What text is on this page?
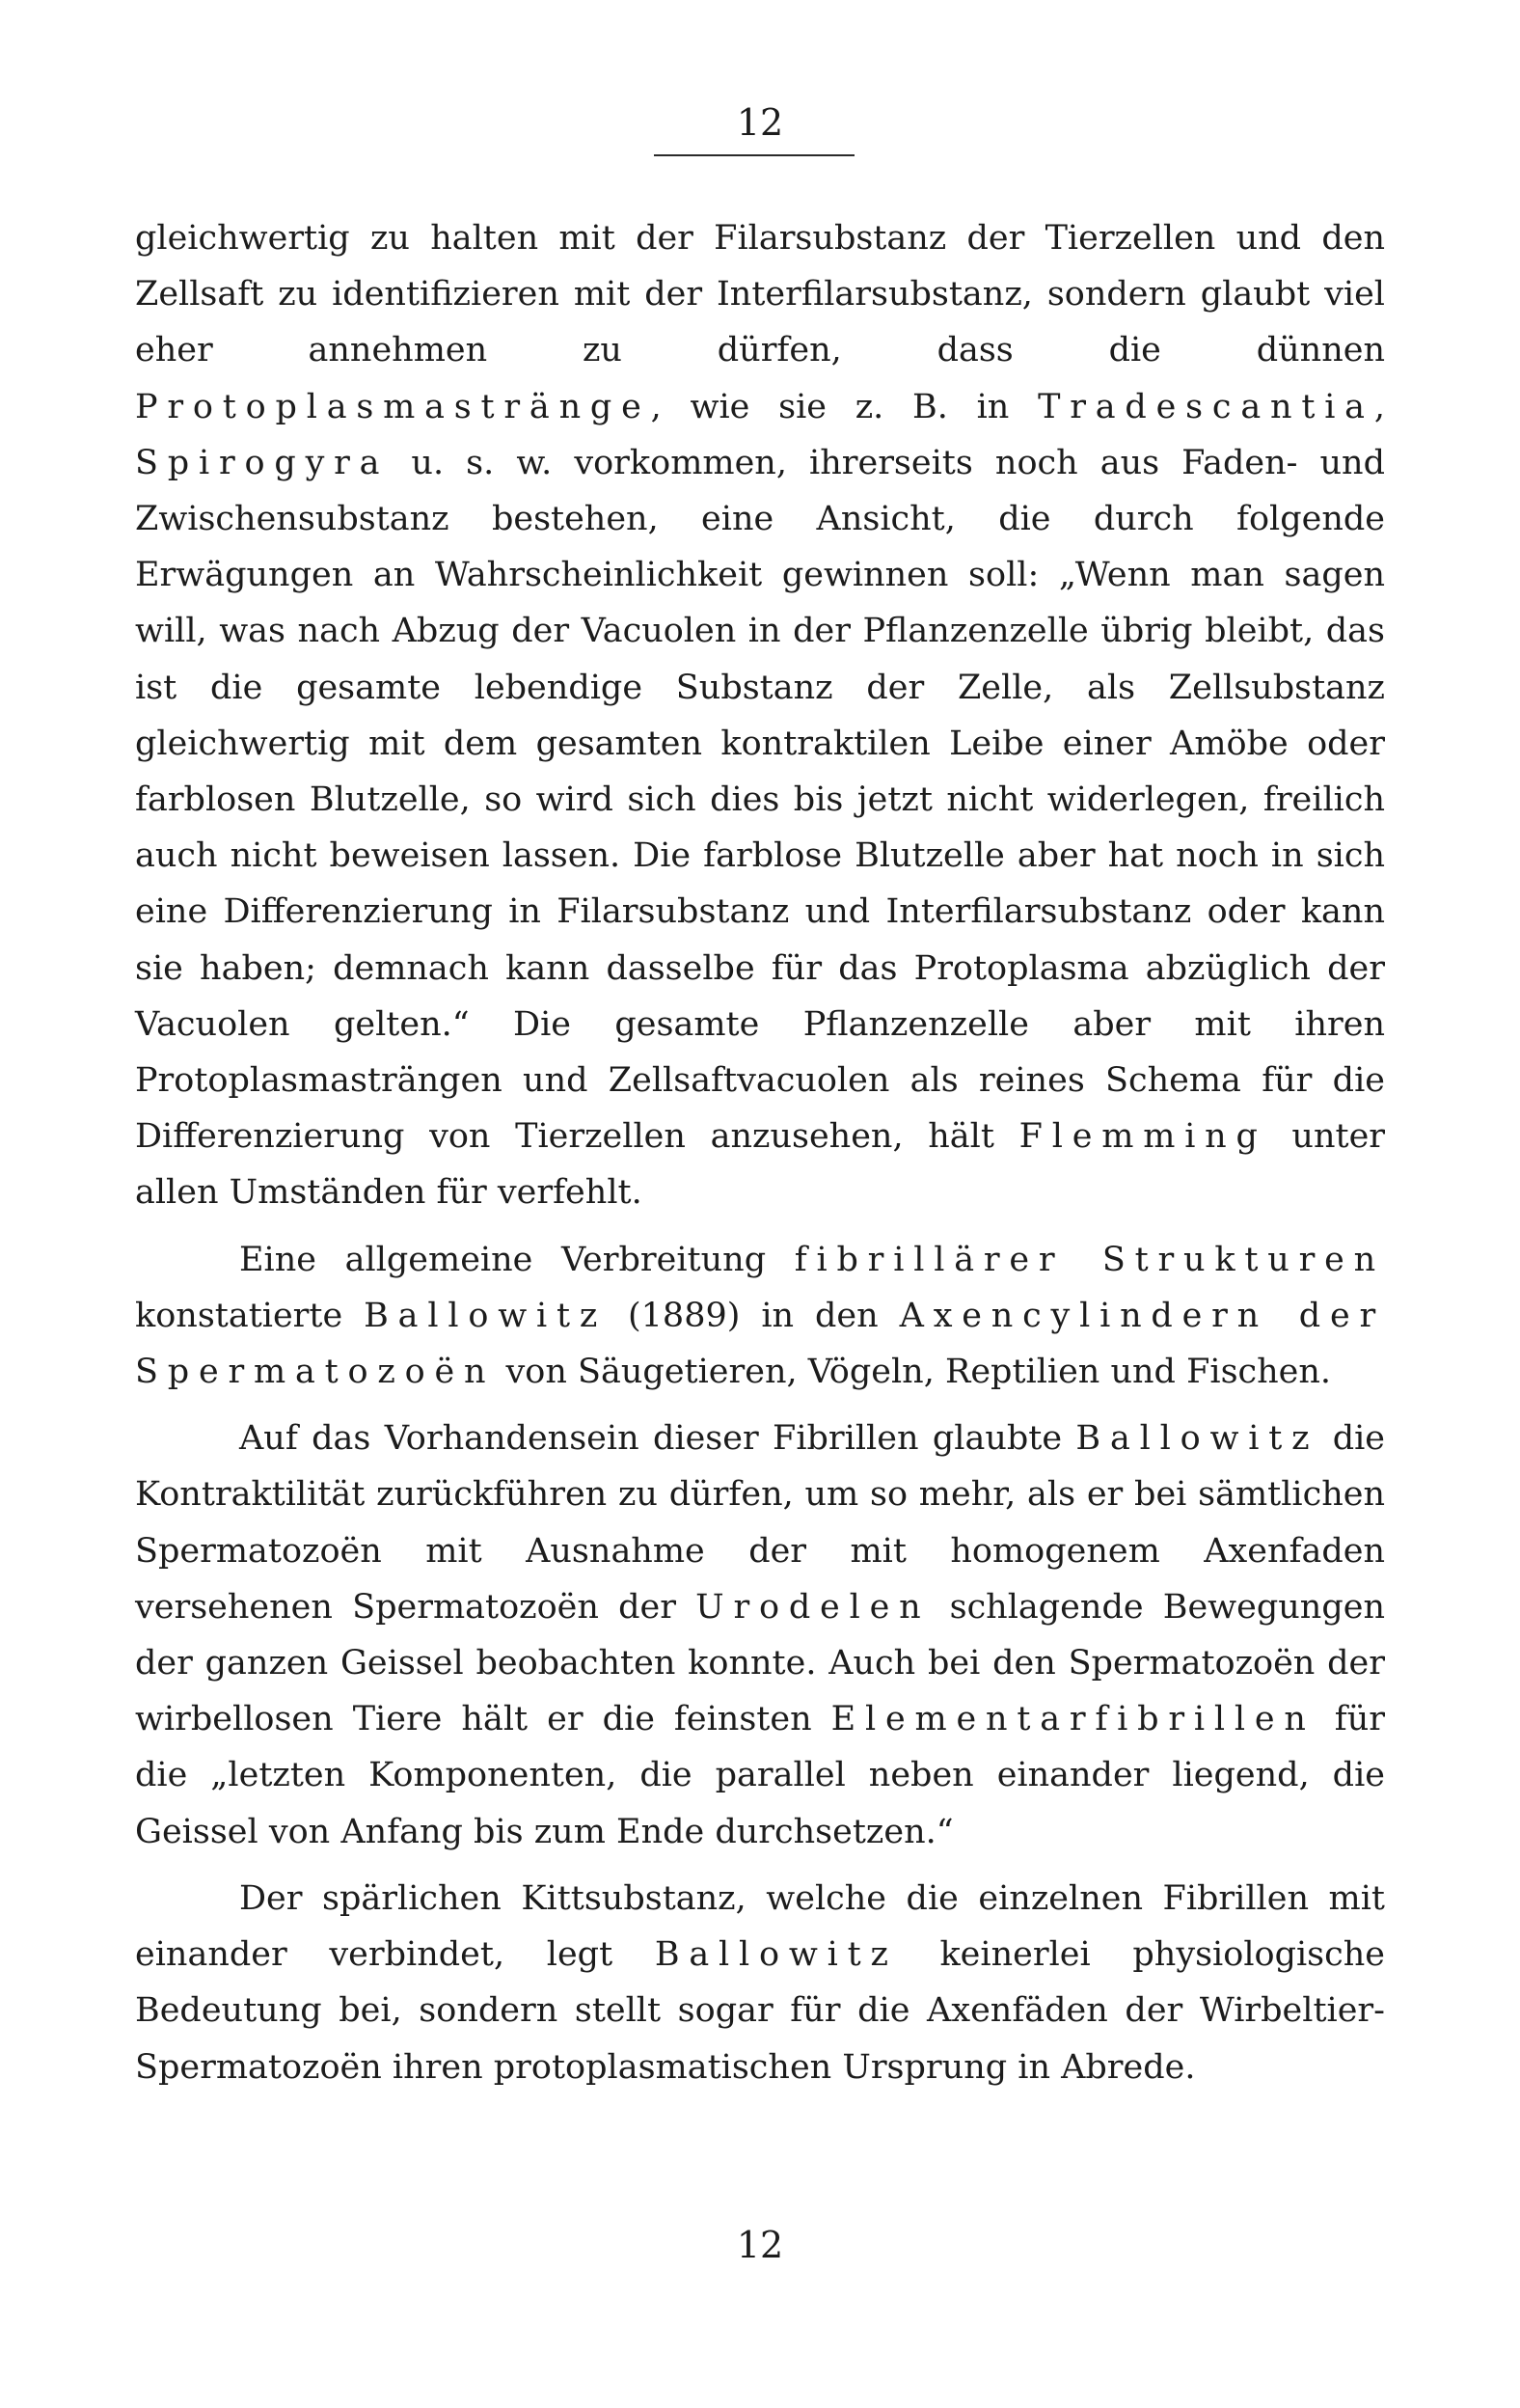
12

gleichwertig zu halten mit der Filarsubstanz der Tierzellen und den Zellsaft zu identifizieren mit der Interfilarsubstanz, sondern glaubt viel eher annehmen zu dürfen, dass die dünnen Protoplasmastränge, wie sie z. B. in Tradescantia, Spirogyra u. s. w. vorkommen, ihrerseits noch aus Faden- und Zwischensubstanz bestehen, eine Ansicht, die durch folgende Erwägungen an Wahrscheinlichkeit gewinnen soll: „Wenn man sagen will, was nach Abzug der Vacuolen in der Pflanzenzelle übrig bleibt, das ist die gesamte lebendige Substanz der Zelle, als Zellsubstanz gleichwertig mit dem gesamten kontraktilen Leibe einer Amöbe oder farblosen Blutzelle, so wird sich dies bis jetzt nicht widerlegen, freilich auch nicht beweisen lassen. Die farblose Blutzelle aber hat noch in sich eine Differenzierung in Filarsubstanz und Interfilarsubstanz oder kann sie haben; demnach kann dasselbe für das Protoplasma abzüglich der Vacuolen gelten.“ Die gesamte Pflanzenzelle aber mit ihren Protoplasmasträngen und Zellsaftvacuolen als reines Schema für die Differenzierung von Tierzellen anzusehen, hält Flemming unter allen Umständen für verfehlt.

Eine allgemeine Verbreitung fibrillärer Strukturen konstatierte Ballowitz (1889) in den Axencylindern der Spermatozoën von Säugetieren, Vögeln, Reptilien und Fischen.

Auf das Vorhandensein dieser Fibrillen glaubte Ballowitz die Kontraktilität zurückführen zu dürfen, um so mehr, als er bei sämtlichen Spermatozoën mit Ausnahme der mit homogenem Axenfaden versehenen Spermatozoën der Urodelen schlagende Bewegungen der ganzen Geissel beobachten konnte. Auch bei den Spermatozoën der wirbellosen Tiere hält er die feinsten Elementarfibrillen für die „letzten Komponenten, die parallel neben einander liegend, die Geissel von Anfang bis zum Ende durchsetzen.“

Der spärlichen Kittsubstanz, welche die einzelnen Fibrillen mit einander verbindet, legt Ballowitz keinerlei physiologische Bedeutung bei, sondern stellt sogar für die Axenfäden der Wirbeltier-Spermatozoën ihren protoplasmatischen Ursprung in Abrede.

12
